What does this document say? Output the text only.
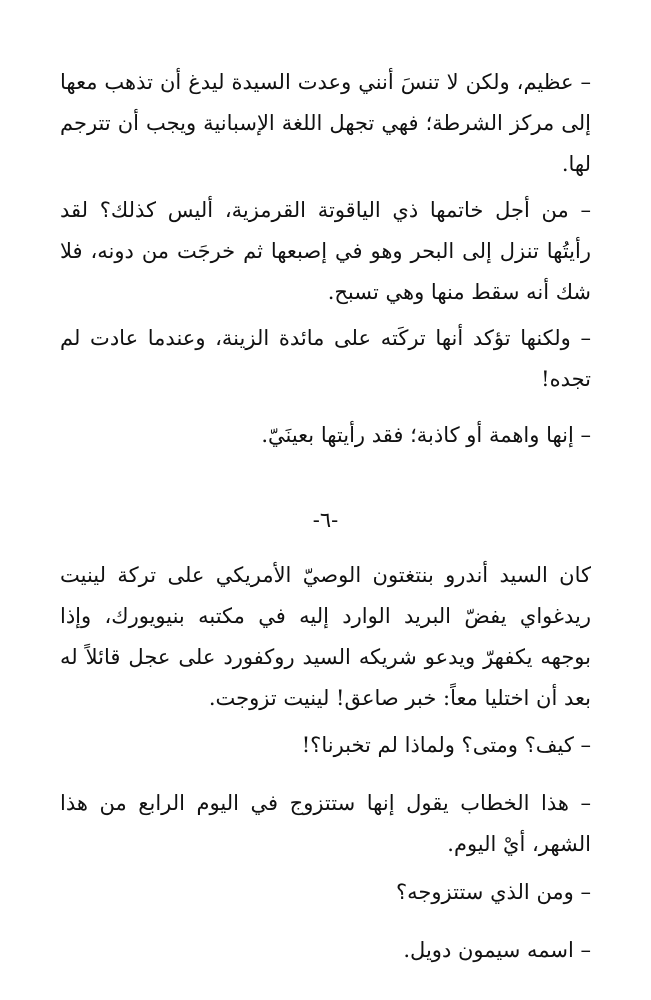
– عظيم، ولكن لا تنسَ أنني وعدت السيدة ليدغ أن تذهب معها إلى مركز الشرطة؛ فهي تجهل اللغة الإسبانية ويجب أن تترجم لها.

– من أجل خاتمها ذي الياقوتة القرمزية، أليس كذلك؟ لقد رأيتُها تنزل إلى البحر وهو في إصبعها ثم خرجَت من دونه، فلا شك أنه سقط منها وهي تسبح.

– ولكنها تؤكد أنها تركَته على مائدة الزينة، وعندما عادت لم تجده!

– إنها واهمة أو كاذبة؛ فقد رأيتها بعينَيّ.

-٦-

كان السيد أندرو بنتغتون الوصيّ الأمريكي على تركة لينيت ريدغواي يفضّ البريد الوارد إليه في مكتبه بنيويورك، وإذا بوجهه يكفهرّ ويدعو شريكه السيد روكفورد على عجل قائلاً له بعد أن اختليا معاً: خبر صاعق! لينيت تزوجت.

– كيف؟ ومتى؟ ولماذا لم تخبرنا؟!

– هذا الخطاب يقول إنها ستتزوج في اليوم الرابع من هذا الشهر، أيْ اليوم.

– ومن الذي ستتزوجه؟

– اسمه سيمون دويل.
